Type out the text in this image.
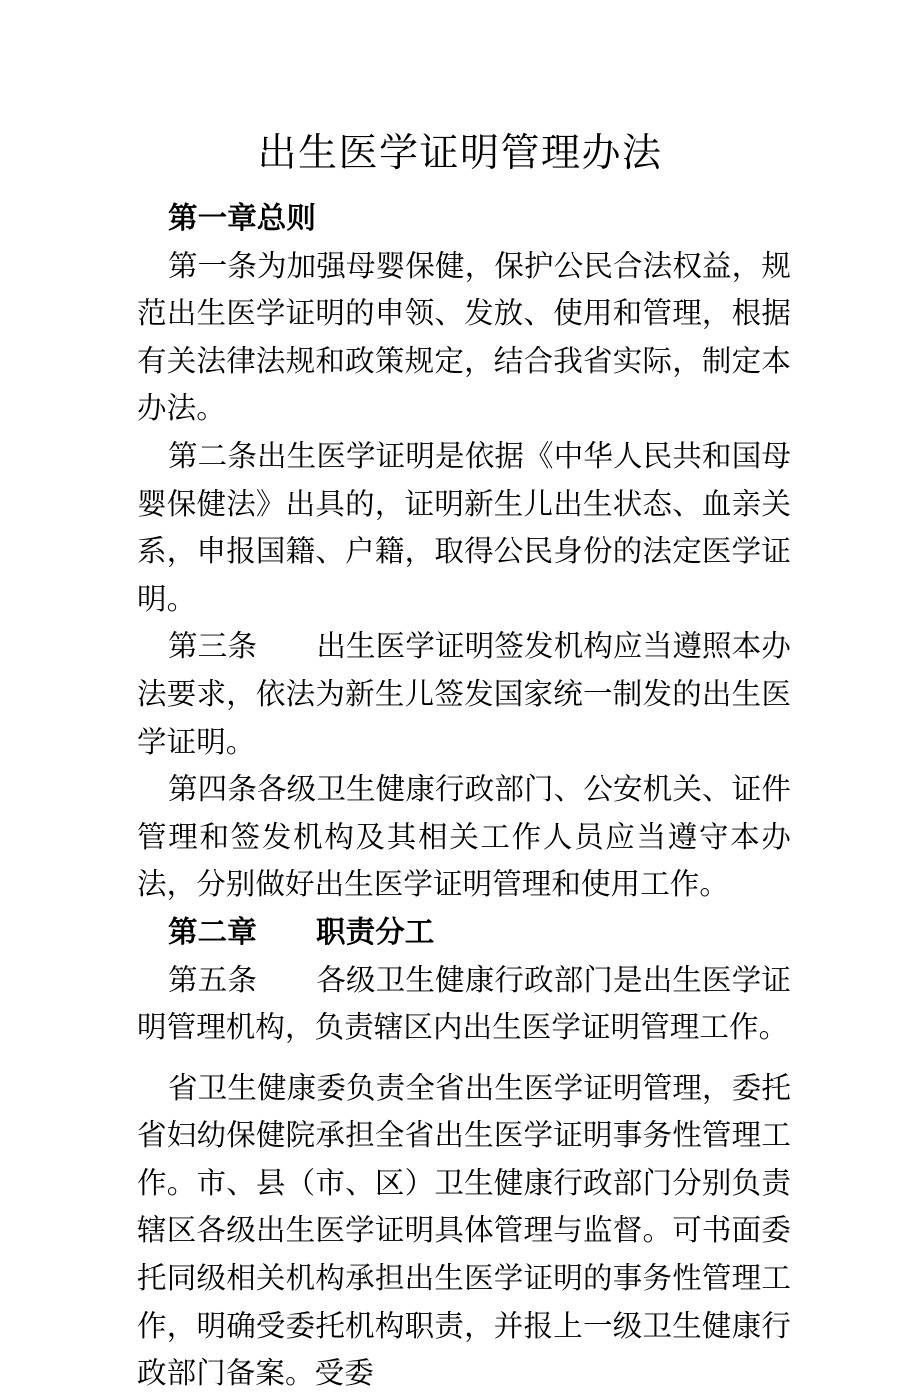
出生医学证明管理办法

第一章总则

第一条为加强母婴保健，保护公民合法权益，规范出生医学证明的申领、发放、使用和管理，根据有关法律法规和政策规定，结合我省实际，制定本办法。

第二条出生医学证明是依据《中华人民共和国母婴保健法》出具的，证明新生儿出生状态、血亲关系，申报国籍、户籍，取得公民身份的法定医学证明。

第三条　　出生医学证明签发机构应当遵照本办法要求，依法为新生儿签发国家统一制发的出生医学证明。

第四条各级卫生健康行政部门、公安机关、证件管理和签发机构及其相关工作人员应当遵守本办法，分别做好出生医学证明管理和使用工作。

第二章　　职责分工

第五条　　各级卫生健康行政部门是出生医学证明管理机构，负责辖区内出生医学证明管理工作。

省卫生健康委负责全省出生医学证明管理，委托省妇幼保健院承担全省出生医学证明事务性管理工作。市、县（市、区）卫生健康行政部门分别负责辖区各级出生医学证明具体管理与监督。可书面委托同级相关机构承担出生医学证明的事务性管理工作，明确受委托机构职责，并报上一级卫生健康行政部门备案。受委
